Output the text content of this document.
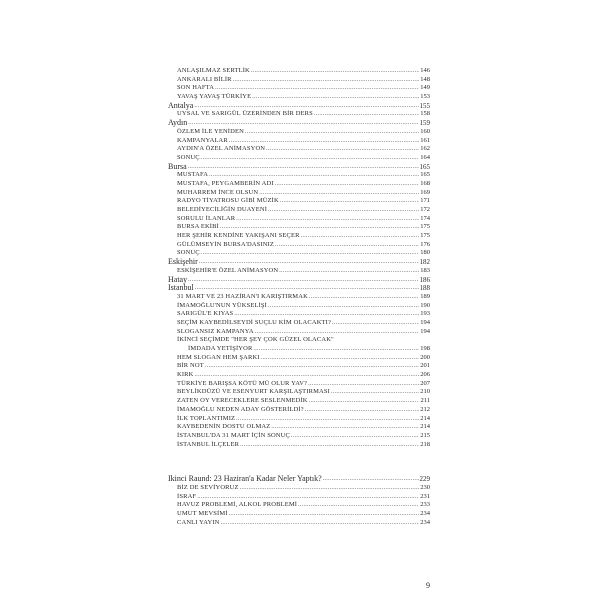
ANLAŞILMAZ SERTLİK .....	146
ANKARALI BİLİR .....	148
SON HAFTA .....	149
YAVAŞ YAVAŞ TÜRKİYE .....	153
Antalya .....	155
UYSAL VE SARIGÜL ÜZERİNDEN BİR DERS .....	158
Aydın .....	159
ÖZLEM İLE YENİDEN .....	160
KAMPANYALAR .....	161
AYDIN'A ÖZEL ANİMASYON .....	162
SONUÇ .....	164
Bursa .....	165
MUSTAFA .....	165
MUSTAFA, PEYGAMBERİN ADI .....	168
MUHARREM İNCE OLSUN .....	169
RADYO TİYATROSU GİBİ MÜZİK .....	171
BELEDİYECİLİĞİN DUAYENİ .....	172
SORULU İLANLAR .....	174
BURSA EKİBİ .....	175
HER ŞEHİR KENDİNE YAKIŞANI SEÇER .....	175
GÜLÜMSEYİN BURSA'DASINIZ .....	176
SONUÇ .....	180
Eskişehir .....	182
ESKİŞEHİR'E ÖZEL ANİMASYON .....	183
Hatay .....	186
İstanbul .....	188
31 MART VE 23 HAZİRAN'I KARIŞTIRMAK .....	189
İMAMOĞLU'NUN YÜKSELİŞİ .....	190
SARIGÜL'E KIYAS .....	193
SEÇİM KAYBEDİLSEYDİ SUÇLU KİM OLACAKTI? .....	194
SLOGANSIZ KAMPANYA .....	194
İKİNCİ SEÇİMDE "HER ŞEY ÇOK GÜZEL OLACAK"
İMDADA YETİŞİYOR .....	198
HEM SLOGAN HEM ŞARKI .....	200
BİR NOT .....	201
KIRK .....	206
TÜRKİYE BARIŞSA KÖTÜ MÜ OLUR YAV? .....	207
BEYLİKDÜZÜ VE ESENYURT KARŞILAŞTIRMASI .....	210
ZATEN OY VERECEKLERE SESLENMEDİK .....	211
İMAMOĞLU NEDEN ADAY GÖSTERİLDİ? .....	212
İLK TOPLANTIMIZ .....	214
KAYBEDENİN DOSTU OLMAZ .....	214
İSTANBUL'DA 31 MART İÇİN SONUÇ .....	215
İSTANBUL İLÇELER .....	218
İkinci Raund: 23 Haziran'a Kadar Neler Yaptık? .....	229
BİZ DE SEVİYORUZ .....	230
İSRAF .....	231
HAVUZ PROBLEMİ, ALKOL PROBLEMİ .....	233
UMUT MEVSİMİ .....	234
CANLI YAYIN .....	234
9
